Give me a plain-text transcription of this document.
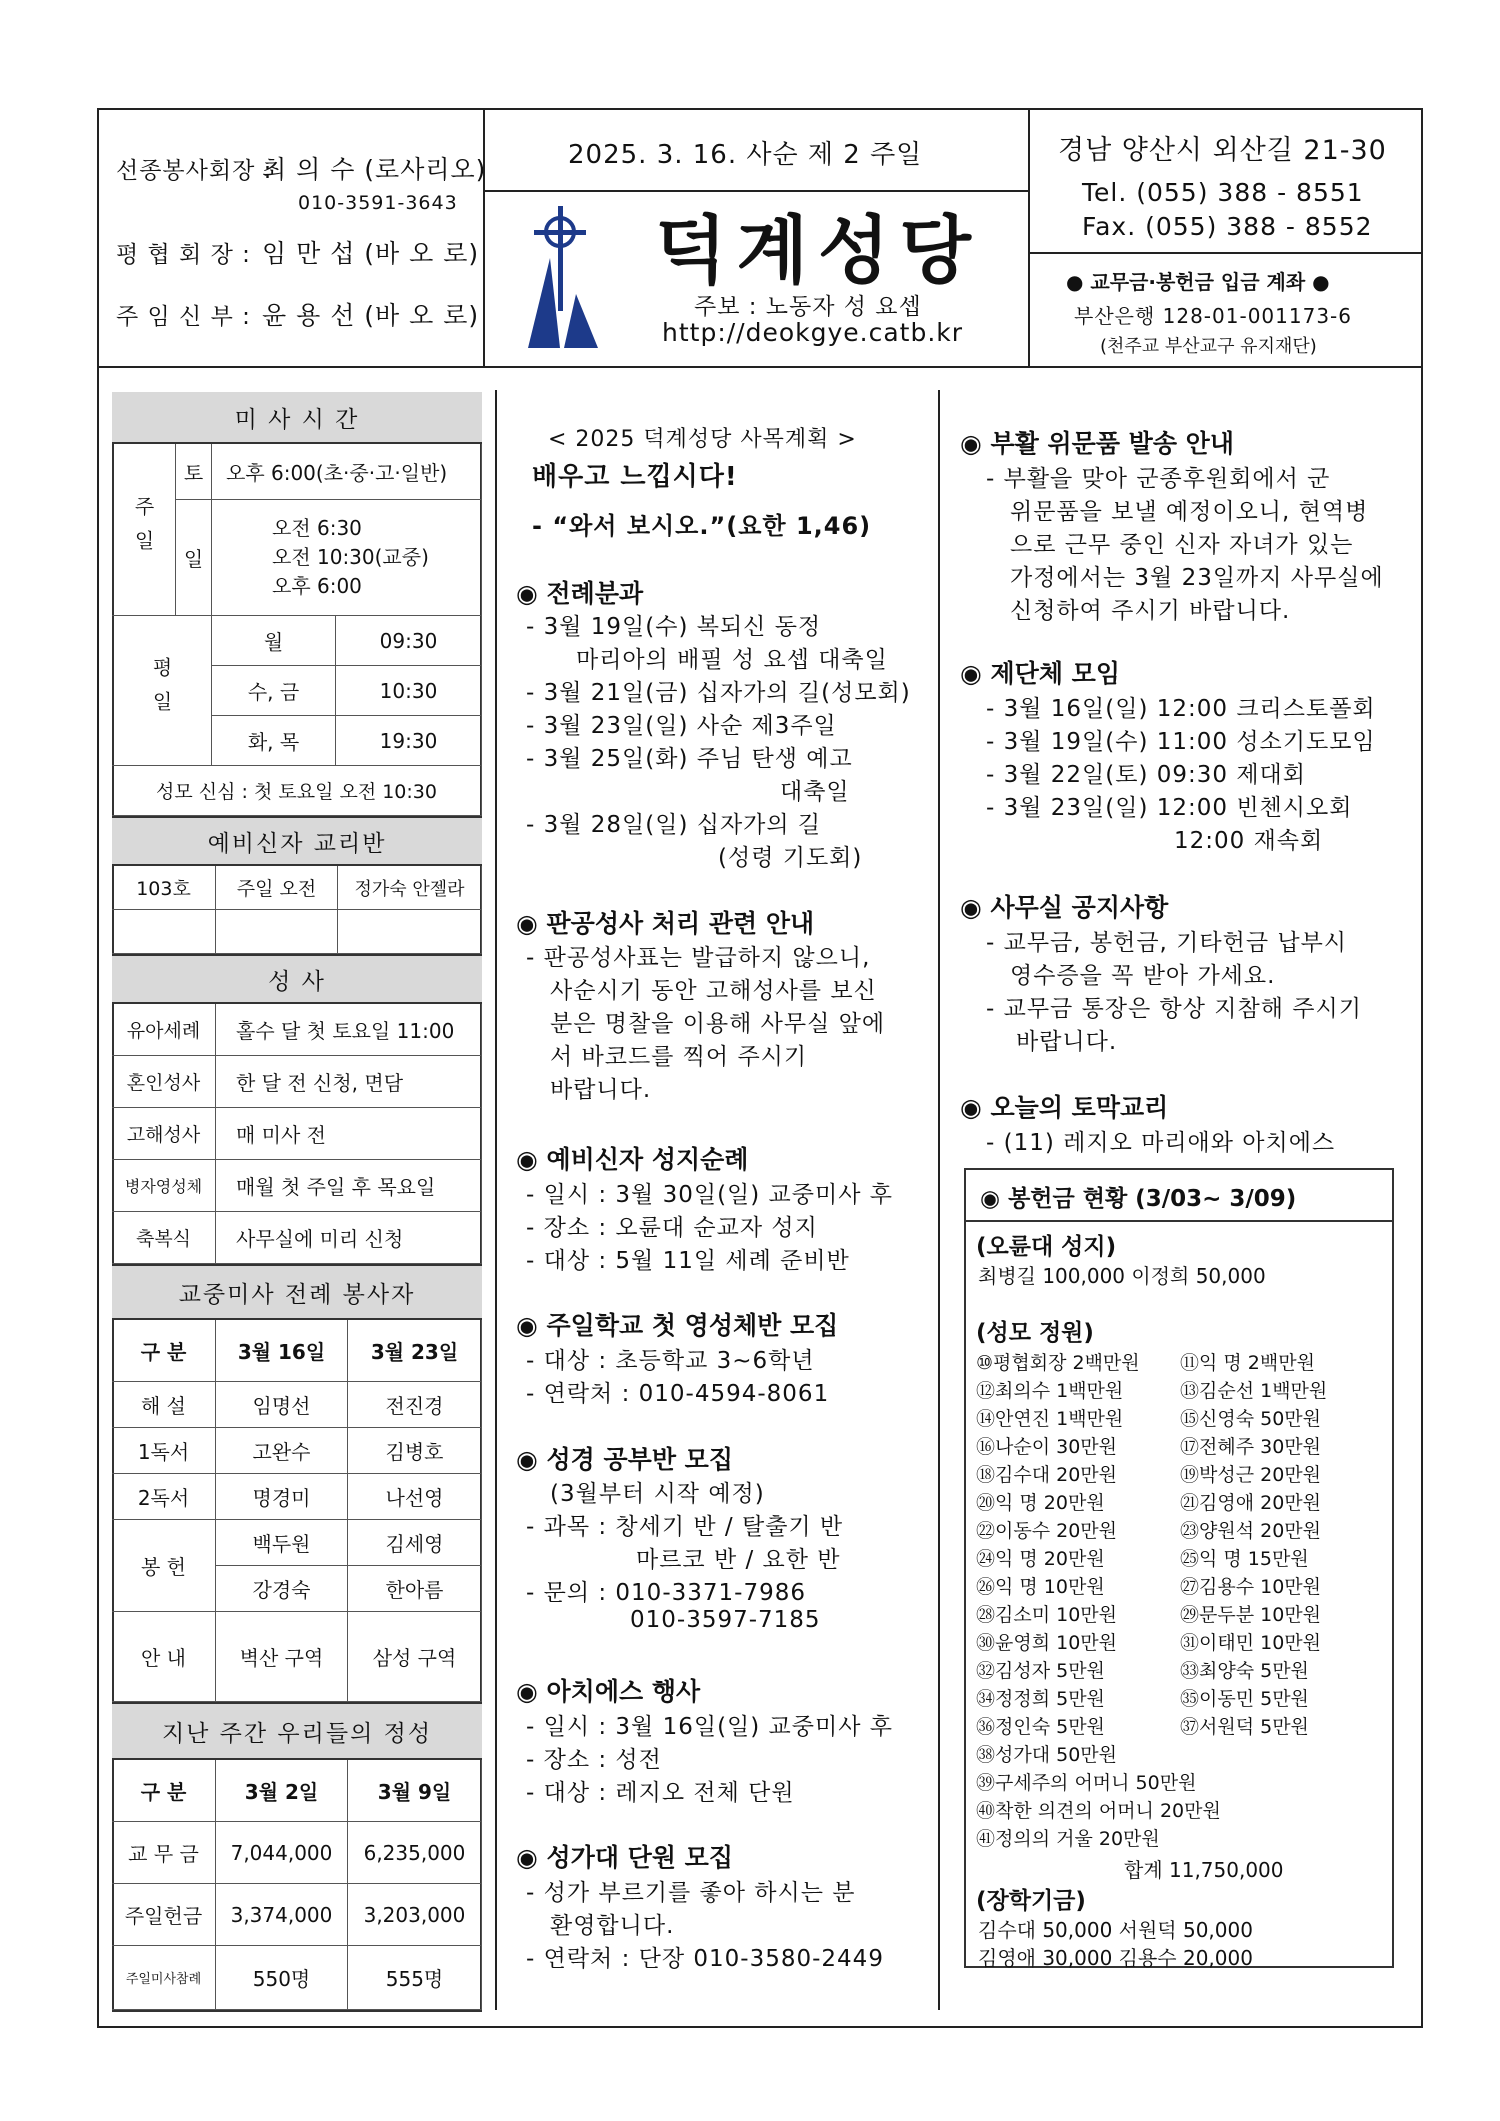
선종봉사회장 :
최 의 수 (로사리오)
010-3591-3643
평 협 회 장 : 임 만 섭 (바 오 로)
주 임 신 부 : 윤 용 선 (바 오 로)
2025. 3. 16. 사순 제 2 주일
덕계성당
주보 : 노동자 성 요셉
http://deokgye.catb.kr
경남 양산시 외산길 21-30
Tel. (055) 388 - 8551
Fax. (055) 388 - 8552
● 교무금·봉헌금 입금 계좌 ●
부산은행 128-01-001173-6
(천주교 부산교구 유지재단)
미 사 시 간
주일
토	오후 6:00(초·중·고·일반)
일
오전 6:30
오전 10:30(교중)
오후 6:00
평일
월	09:30
수, 금	10:30
화, 목	19:30
성모 신심 : 첫 토요일 오전 10:30
예비신자 교리반
103호	주일 오전	정가숙 안젤라
성 사
유아세례	홀수 달 첫 토요일 11:00
혼인성사	한 달 전 신청, 면담
고해성사	매 미사 전
병자영성체	매월 첫 주일 후 목요일
축복식	사무실에 미리 신청
교중미사 전례 봉사자
구 분	3월 16일	3월 23일
해 설	임명선	전진경
1독서	고완수	김병호
2독서	명경미	나선영
봉 헌
백두원	김세영
강경숙	한아름
안 내	벽산 구역	삼성 구역
지난 주간 우리들의 정성
구 분	3월 2일	3월 9일
교 무 금	7,044,000	6,235,000
주일헌금	3,374,000	3,203,000
주일미사참례	550명	555명
< 2025 덕계성당 사목계획 >
배우고 느낍시다!
- “와서 보시오.”(요한 1,46)
◉ 전례분과
- 3월 19일(수) 복되신 동정
마리아의 배필 성 요셉 대축일
- 3월 21일(금) 십자가의 길(성모회)
- 3월 23일(일) 사순 제3주일
- 3월 25일(화) 주님 탄생 예고
대축일
- 3월 28일(일) 십자가의 길
(성령 기도회)
◉ 판공성사 처리 관련 안내
- 판공성사표는 발급하지 않으니,
사순시기 동안 고해성사를 보신
분은 명찰을 이용해 사무실 앞에
서 바코드를 찍어 주시기
바랍니다.
◉ 예비신자 성지순례
- 일시 : 3월 30일(일) 교중미사 후
- 장소 : 오륜대 순교자 성지
- 대상 : 5월 11일 세례 준비반
◉ 주일학교 첫 영성체반 모집
- 대상 : 초등학교 3~6학년
- 연락처 : 010-4594-8061
◉ 성경 공부반 모집
(3월부터 시작 예정)
- 과목 : 창세기 반 / 탈출기 반
마르코 반 / 요한 반
- 문의 : 010-3371-7986
010-3597-7185
◉ 아치에스 행사
- 일시 : 3월 16일(일) 교중미사 후
- 장소 : 성전
- 대상 : 레지오 전체 단원
◉ 성가대 단원 모집
- 성가 부르기를 좋아 하시는 분
환영합니다.
- 연락처 : 단장 010-3580-2449
◉ 부활 위문품 발송 안내
- 부활을 맞아 군종후원회에서 군
위문품을 보낼 예정이오니, 현역병
으로 근무 중인 신자 자녀가 있는
가정에서는 3월 23일까지 사무실에
신청하여 주시기 바랍니다.
◉ 제단체 모임
- 3월 16일(일) 12:00 크리스토폴회
- 3월 19일(수) 11:00 성소기도모임
- 3월 22일(토) 09:30 제대회
- 3월 23일(일) 12:00 빈첸시오회
12:00 재속회
◉ 사무실 공지사항
- 교무금, 봉헌금, 기타헌금 납부시
영수증을 꼭 받아 가세요.
- 교무금 통장은 항상 지참해 주시기
바랍니다.
◉ 오늘의 토막교리
- (11) 레지오 마리애와 아치에스
◉ 봉헌금 현황 (3/03~ 3/09)
(오륜대 성지)
최병길 100,000 이정희 50,000
(성모 정원)
⑩평협회장 2백만원 ⑪익 명 2백만원
⑫최의수 1백만원	⑬김순선 1백만원
⑭안연진 1백만원	⑮신영숙 50만원
⑯나순이 30만원	⑰전혜주 30만원
⑱김수대 20만원	⑲박성근 20만원
⑳익 명 20만원	㉑김영애 20만원
㉒이동수 20만원	㉓양원석 20만원
㉔익 명 20만원	㉕익 명 15만원
㉖익 명 10만원	㉗김용수 10만원
㉘김소미 10만원	㉙문두분 10만원
㉚윤영희 10만원	㉛이태민 10만원
㉜김성자 5만원	㉝최양숙 5만원
㉞정정희 5만원	㉟이동민 5만원
㊱정인숙 5만원	㊲서원덕 5만원
㊳성가대 50만원
㊴구세주의 어머니 50만원
㊵착한 의견의 어머니 20만원
㊶정의의 거울 20만원
합계 11,750,000
(장학기금)
김수대 50,000 서원덕 50,000
김영애 30,000 김용수 20,000
